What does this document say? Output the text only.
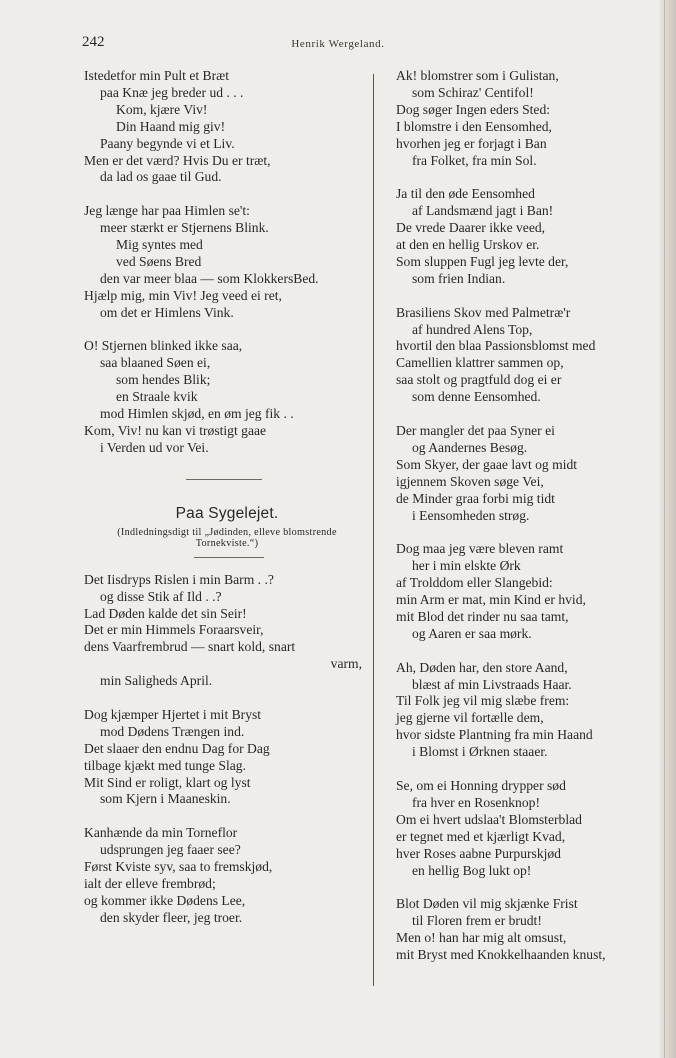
242	Henrik Wergeland.
Istedetfor min Pult et Bræt
paa Knæ jeg breder ud . . .
Kom, kjære Viv!
Din Haand mig giv!
Paany begynde vi et Liv.
Men er det værd? Hvis Du er træt,
da lad os gaae til Gud.
Jeg længe har paa Himlen se't:
meer stærkt er Stjernens Blink.
Mig syntes med
ved Søens Bred
den var meer blaa — som KlokkersBed.
Hjælp mig, min Viv! Jeg veed ei ret,
om det er Himlens Vink.
O! Stjernen blinked ikke saa,
saa blaaned Søen ei,
som hendes Blik;
en Straale kvik
mod Himlen skjød, en øm jeg fik . .
Kom, Viv! nu kan vi trøstigt gaae
i Verden ud vor Vei.
Paa Sygelejet.
(Indledningsdigt til „Jødinden, elleve blomstrende
Tornekviste.“)
Det Iisdryps Rislen i min Barm . .?
og disse Stik af Ild . .?
Lad Døden kalde det sin Seir!
Det er min Himmels Foraarsveir,
dens Vaarfrembrud — snart kold, snart
varm,
min Saligheds April.
Dog kjæmper Hjertet i mit Bryst
mod Dødens Trængen ind.
Det slaaer den endnu Dag for Dag
tilbage kjækt med tunge Slag.
Mit Sind er roligt, klart og lyst
som Kjern i Maaneskin.
Kanhænde da min Torneflor
udsprungen jeg faaer see?
Først Kviste syv, saa to fremskjød,
ialt der elleve frembrød;
og kommer ikke Dødens Lee,
den skyder fleer, jeg troer.
Ak! blomstrer som i Gulistan,
som Schiraz' Centifol!
Dog søger Ingen eders Sted:
I blomstre i den Eensomhed,
hvorhen jeg er forjagt i Ban
fra Folket, fra min Sol.
Ja til den øde Eensomhed
af Landsmænd jagt i Ban!
De vrede Daarer ikke veed,
at den en hellig Urskov er.
Som sluppen Fugl jeg levte der,
som frien Indian.
Brasiliens Skov med Palmetræ'r
af hundred Alens Top,
hvortil den blaa Passionsblomst med
Camellien klattrer sammen op,
saa stolt og pragtfuld dog ei er
som denne Eensomhed.
Der mangler det paa Syner ei
og Aandernes Besøg.
Som Skyer, der gaae lavt og midt
igjennem Skoven søge Vei,
de Minder graa forbi mig tidt
i Eensomheden strøg.
Dog maa jeg være bleven ramt
her i min elskte Ørk
af Trolddom eller Slangebid:
min Arm er mat, min Kind er hvid,
mit Blod det rinder nu saa tamt,
og Aaren er saa mørk.
Ah, Døden har, den store Aand,
blæst af min Livstraads Haar.
Til Folk jeg vil mig slæbe frem:
jeg gjerne vil fortælle dem,
hvor sidste Plantning fra min Haand
i Blomst i Ørknen staaer.
Se, om ei Honning drypper sød
fra hver en Rosenknop!
Om ei hvert udslaa't Blomsterblad
er tegnet med et kjærligt Kvad,
hver Roses aabne Purpurskjød
en hellig Bog lukt op!
Blot Døden vil mig skjænke Frist
til Floren frem er brudt!
Men o! han har mig alt omsust,
mit Bryst med Knokkelhaanden knust,
